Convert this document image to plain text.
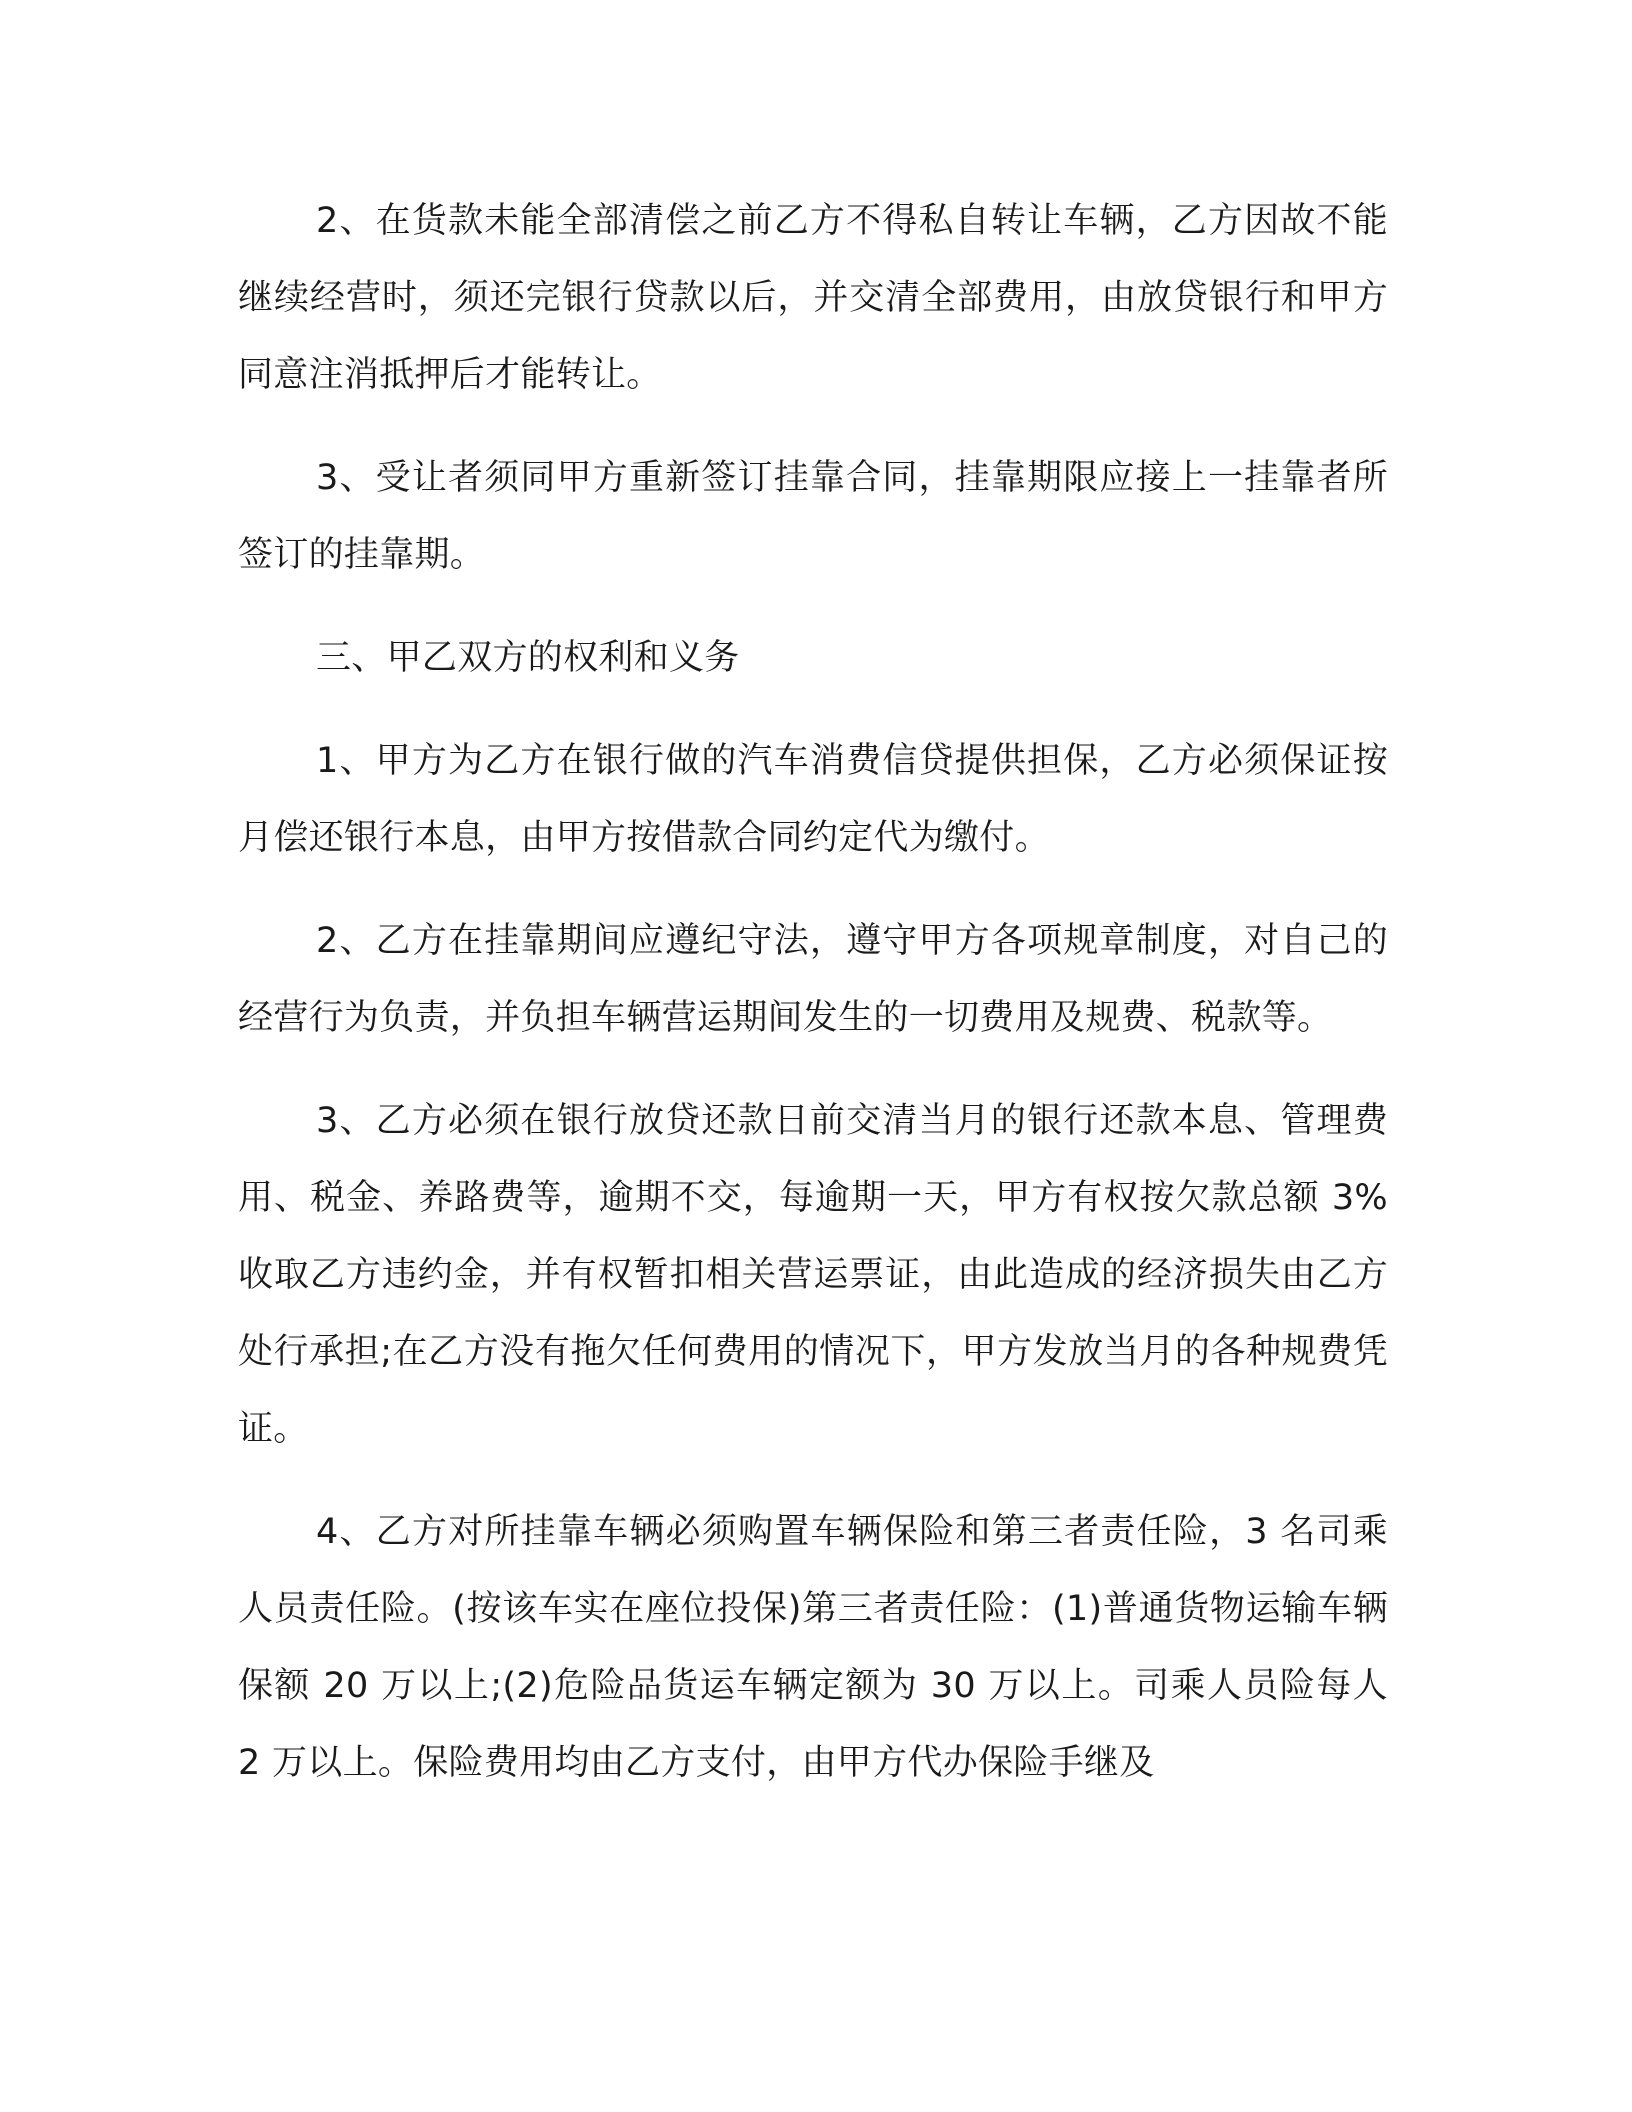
2、在货款未能全部清偿之前乙方不得私自转让车辆，乙方因故不能继续经营时，须还完银行贷款以后，并交清全部费用，由放贷银行和甲方同意注消抵押后才能转让。

3、受让者须同甲方重新签订挂靠合同，挂靠期限应接上一挂靠者所签订的挂靠期。

三、甲乙双方的权利和义务

1、甲方为乙方在银行做的汽车消费信贷提供担保，乙方必须保证按月偿还银行本息，由甲方按借款合同约定代为缴付。

2、乙方在挂靠期间应遵纪守法，遵守甲方各项规章制度，对自己的经营行为负责，并负担车辆营运期间发生的一切费用及规费、税款等。

3、乙方必须在银行放贷还款日前交清当月的银行还款本息、管理费用、税金、养路费等，逾期不交，每逾期一天，甲方有权按欠款总额 3%收取乙方违约金，并有权暂扣相关营运票证，由此造成的经济损失由乙方处行承担;在乙方没有拖欠任何费用的情况下，甲方发放当月的各种规费凭证。

4、乙方对所挂靠车辆必须购置车辆保险和第三者责任险，3 名司乘人员责任险。(按该车实在座位投保)第三者责任险：(1)普通货物运输车辆保额 20 万以上;(2)危险品货运车辆定额为 30 万以上。司乘人员险每人 2 万以上。保险费用均由乙方支付，由甲方代办保险手继及
